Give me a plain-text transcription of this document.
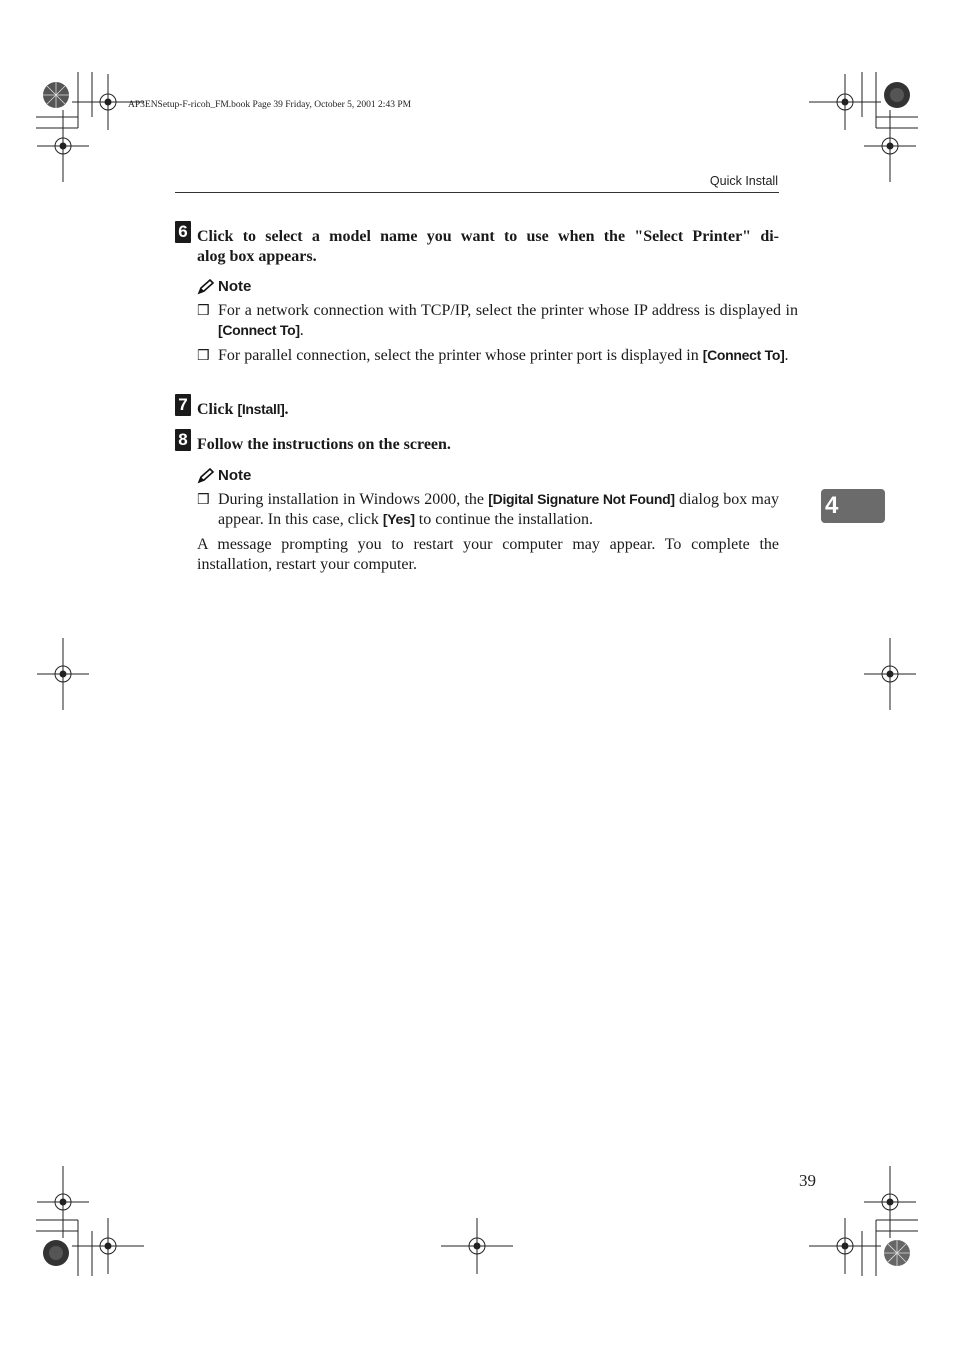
AP3ENSetup-F-ricoh_FM.book Page 39 Friday, October 5, 2001 2:43 PM
Quick Install
6 Click to select a model name you want to use when the "Select Printer" di-
alog box appears.
Note
❒ For a network connection with TCP/IP, select the printer whose IP address is displayed in [Connect To].
❒ For parallel connection, select the printer whose printer port is displayed in [Connect To].
7 Click [Install].
8 Follow the instructions on the screen.
Note
❒ During installation in Windows 2000, the [Digital Signature Not Found] dialog box may appear. In this case, click [Yes] to continue the installation.
A message prompting you to restart your computer may appear. To complete the installation, restart your computer.
4
39
